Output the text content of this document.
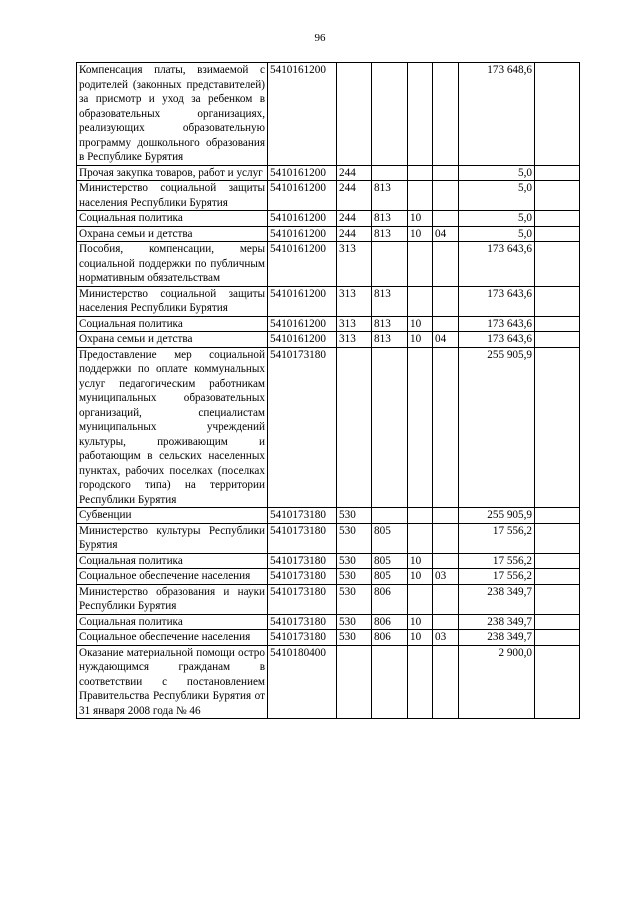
96
Компенсация платы, взимаемой с родителей (законных представителей) за присмотр и уход за ребенком в образовательных организациях, реализующих образовательную программу дошкольного образования в Республике Бурятия	5410161200					173 648,6	
Прочая закупка товаров, работ и услуг	5410161200	244				5,0	
Министерство социальной защиты населения Республики Бурятия	5410161200	244	813			5,0	
Социальная политика	5410161200	244	813	10		5,0	
Охрана семьи и детства	5410161200	244	813	10	04	5,0	
Пособия, компенсации, меры социальной поддержки по публичным нормативным обязательствам	5410161200	313				173 643,6	
Министерство социальной защиты населения Республики Бурятия	5410161200	313	813			173 643,6	
Социальная политика	5410161200	313	813	10		173 643,6	
Охрана семьи и детства	5410161200	313	813	10	04	173 643,6	
Предоставление мер социальной поддержки по оплате коммунальных услуг педагогическим работникам муниципальных образовательных организаций, специалистам муниципальных учреждений культуры, проживающим и работающим в сельских населенных пунктах, рабочих поселках (поселках городского типа) на территории Республики Бурятия	5410173180					255 905,9	
Субвенции	5410173180	530				255 905,9	
Министерство культуры Республики Бурятия	5410173180	530	805			17 556,2	
Социальная политика	5410173180	530	805	10		17 556,2	
Социальное обеспечение населения	5410173180	530	805	10	03	17 556,2	
Министерство образования и науки Республики Бурятия	5410173180	530	806			238 349,7	
Социальная политика	5410173180	530	806	10		238 349,7	
Социальное обеспечение населения	5410173180	530	806	10	03	238 349,7	
Оказание материальной помощи остро нуждающимся гражданам в соответствии с постановлением Правительства Республики Бурятия от 31 января 2008 года № 46	5410180400					2 900,0	
